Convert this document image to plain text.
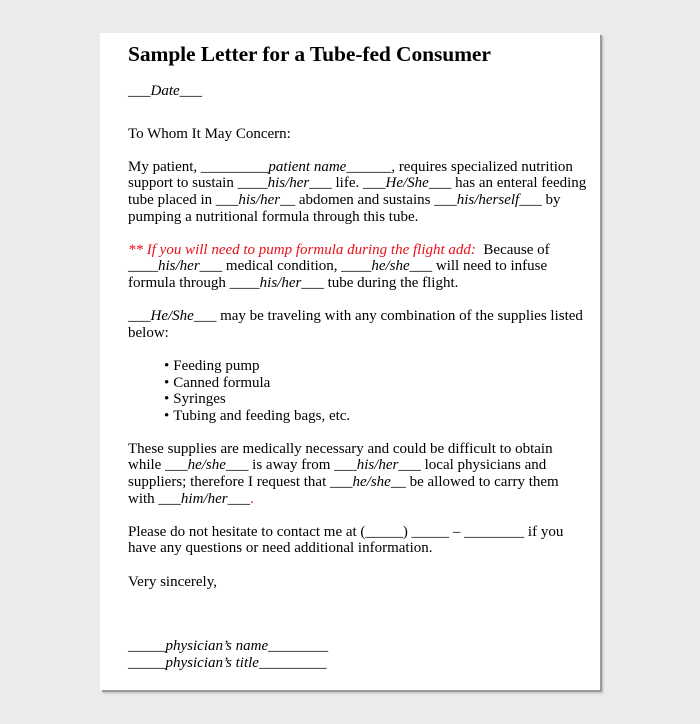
Sample Letter for a Tube-fed Consumer

___Date___

To Whom It May Concern:

My patient, _________patient name______, requires specialized nutrition support to sustain ____his/her___ life. ___He/She___ has an enteral feeding tube placed in ___his/her__ abdomen and sustains ___his/herself___ by pumping a nutritional formula through this tube.

** If you will need to pump formula during the flight add:  Because of ____his/her___ medical condition, ____he/she___ will need to infuse formula through ____his/her___ tube during the flight.

___He/She___ may be traveling with any combination of the supplies listed below:

• Feeding pump
• Canned formula
• Syringes
• Tubing and feeding bags, etc.

These supplies are medically necessary and could be difficult to obtain while ___he/she___ is away from ___his/her___ local physicians and suppliers; therefore I request that ___he/she__ be allowed to carry them with ___him/her___.

Please do not hesitate to contact me at (_____) _____ – ________ if you have any questions or need additional information.

Very sincerely,

_____physician’s name________

_____physician’s title_________
